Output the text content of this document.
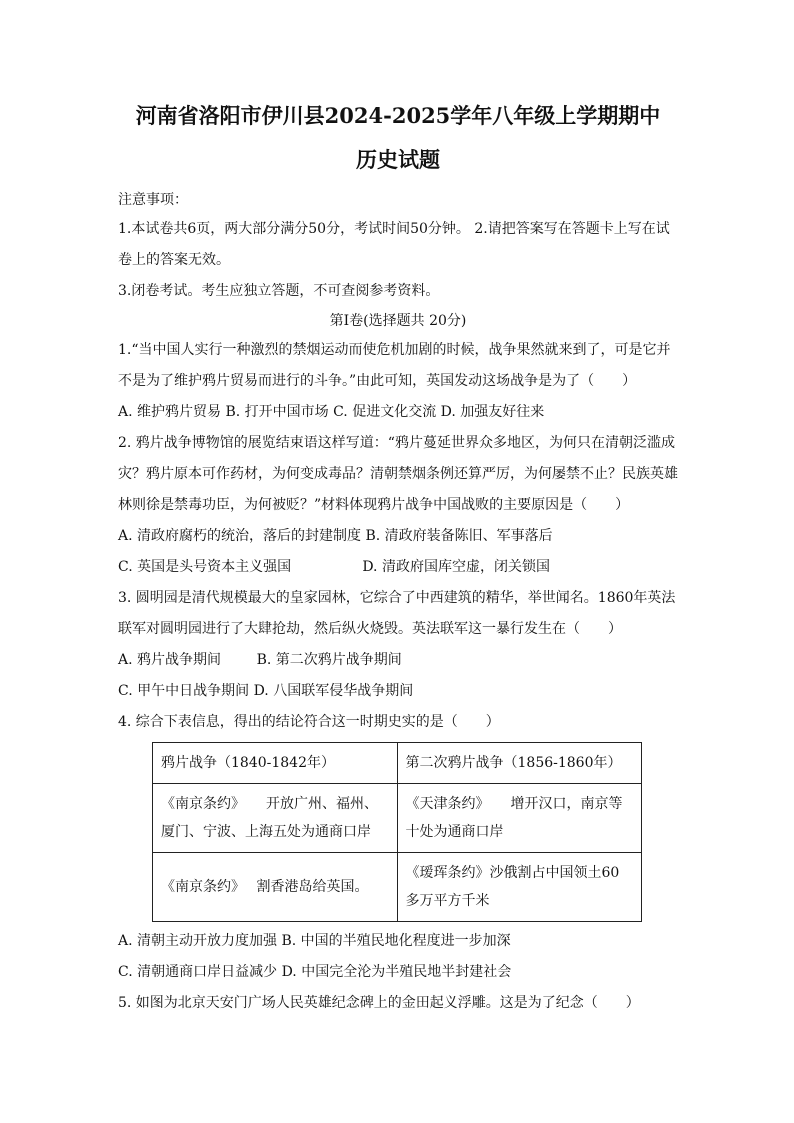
河南省洛阳市伊川县2024-2025学年八年级上学期期中
历史试题

注意事项：

1.本试卷共6页，两大部分满分50分，考试时间50分钟。 2.请把答案写在答题卡上写在试

卷上的答案无效。

3.闭卷考试。考生应独立答题，不可查阅参考资料。

第Ⅰ卷(选择题共 20分)

1.“当中国人实行一种激烈的禁烟运动而使危机加剧的时候，战争果然就来到了，可是它并

不是为了维护鸦片贸易而进行的斗争。”由此可知，英国发动这场战争是为了（　　）

A. 维护鸦片贸易 B. 打开中国市场 C. 促进文化交流 D. 加强友好往来

2. 鸦片战争博物馆的展览结束语这样写道：“鸦片蔓延世界众多地区，为何只在清朝泛滥成

灾？鸦片原本可作药材，为何变成毒品？清朝禁烟条例还算严厉，为何屡禁不止？民族英雄

林则徐是禁毒功臣，为何被贬？”材料体现鸦片战争中国战败的主要原因是（　　）

A. 清政府腐朽的统治，落后的封建制度 B. 清政府装备陈旧、军事落后

C. 英国是头号资本主义强国                D. 清政府国库空虚，闭关锁国

3. 圆明园是清代规模最大的皇家园林，它综合了中西建筑的精华，举世闻名。1860年英法

联军对圆明园进行了大肆抢劫，然后纵火烧毁。英法联军这一暴行发生在（　　）

A. 鸦片战争期间        B. 第二次鸦片战争期间

C. 甲午中日战争期间 D. 八国联军侵华战争期间

4. 综合下表信息，得出的结论符合这一时期史实的是（　　）

鸦片战争（1840-1842年）	第二次鸦片战争（1856-1860年）
《南京条约》　　开放广州、福州、厦门、宁波、上海五处为通商口岸	《天津条约》　　增开汉口，南京等十处为通商口岸
《南京条约》　 割香港岛给英国。	《瑷珲条约》沙俄割占中国领土60多万平方千米

A. 清朝主动开放力度加强 B. 中国的半殖民地化程度进一步加深

C. 清朝通商口岸日益减少 D. 中国完全沦为半殖民地半封建社会

5. 如图为北京天安门广场人民英雄纪念碑上的金田起义浮雕。这是为了纪念（　　）
